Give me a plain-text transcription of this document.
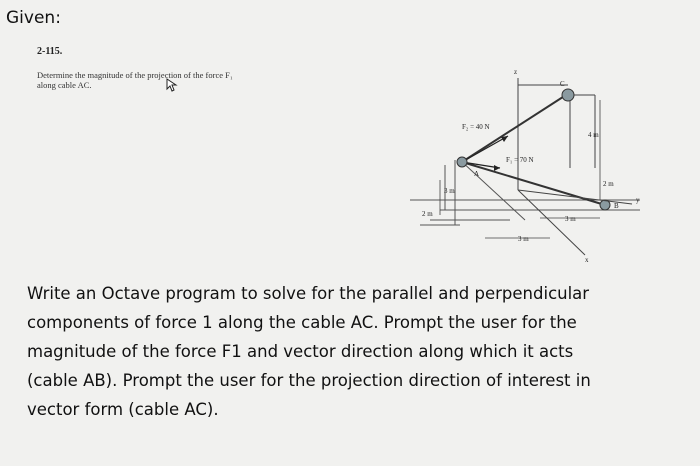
Given:
2-115.
Determine the magnitude of the projection of the force F₁
along cable AC.
z
C
A
B
F₂ = 40 N
F₁ = 70 N
y
x
4 m
2 m
3 m
3 m
3 m
2 m
Write an Octave program to solve for the parallel and perpendicular
components of force 1 along the cable AC. Prompt the user for the
magnitude of the force F1 and vector direction along which it acts
(cable AB). Prompt the user for the projection direction of interest in
vector form (cable AC).
